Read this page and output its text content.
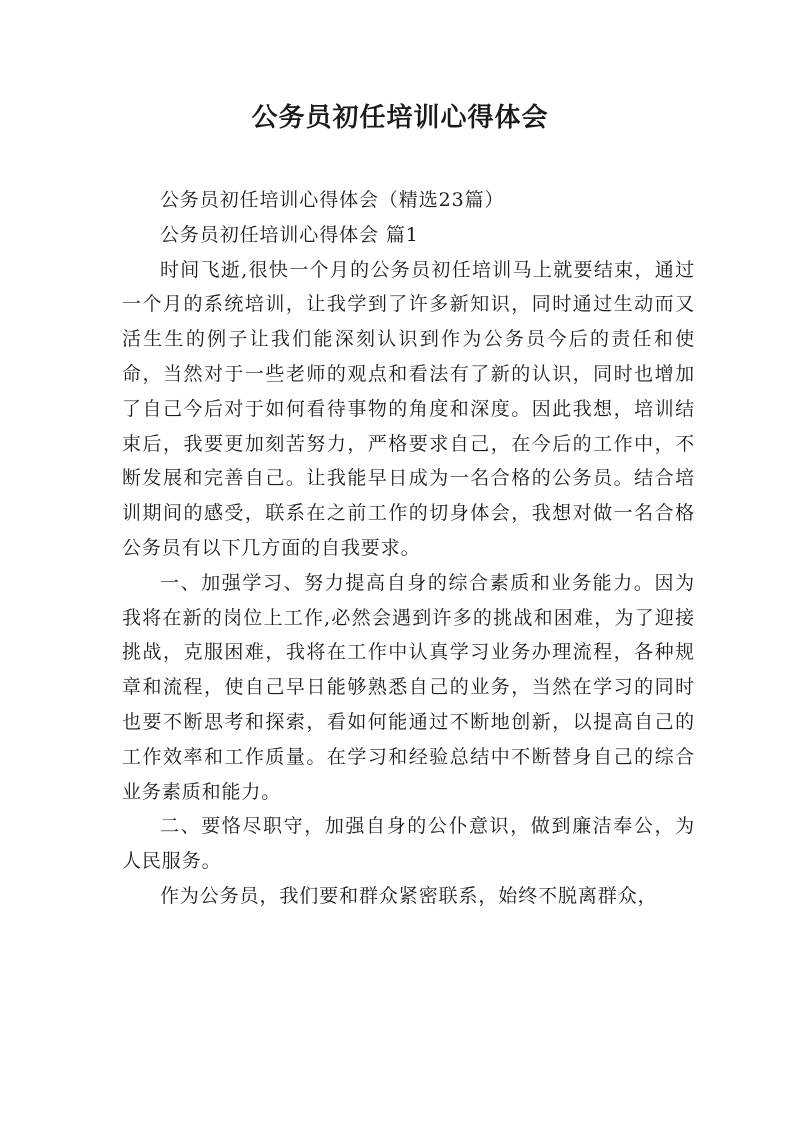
公务员初任培训心得体会

公务员初任培训心得体会（精选23篇）

公务员初任培训心得体会 篇1

时间飞逝,很快一个月的公务员初任培训马上就要结束，通过一个月的系统培训，让我学到了许多新知识，同时通过生动而又活生生的例子让我们能深刻认识到作为公务员今后的责任和使命，当然对于一些老师的观点和看法有了新的认识，同时也增加了自己今后对于如何看待事物的角度和深度。因此我想，培训结束后，我要更加刻苦努力，严格要求自己，在今后的工作中，不断发展和完善自己。让我能早日成为一名合格的公务员。结合培训期间的感受，联系在之前工作的切身体会，我想对做一名合格公务员有以下几方面的自我要求。

一、加强学习、努力提高自身的综合素质和业务能力。因为我将在新的岗位上工作,必然会遇到许多的挑战和困难，为了迎接挑战，克服困难，我将在工作中认真学习业务办理流程，各种规章和流程，使自己早日能够熟悉自己的业务，当然在学习的同时也要不断思考和探索，看如何能通过不断地创新，以提高自己的工作效率和工作质量。在学习和经验总结中不断替身自己的综合业务素质和能力。

二、要恪尽职守，加强自身的公仆意识，做到廉洁奉公，为人民服务。

作为公务员，我们要和群众紧密联系，始终不脱离群众，
